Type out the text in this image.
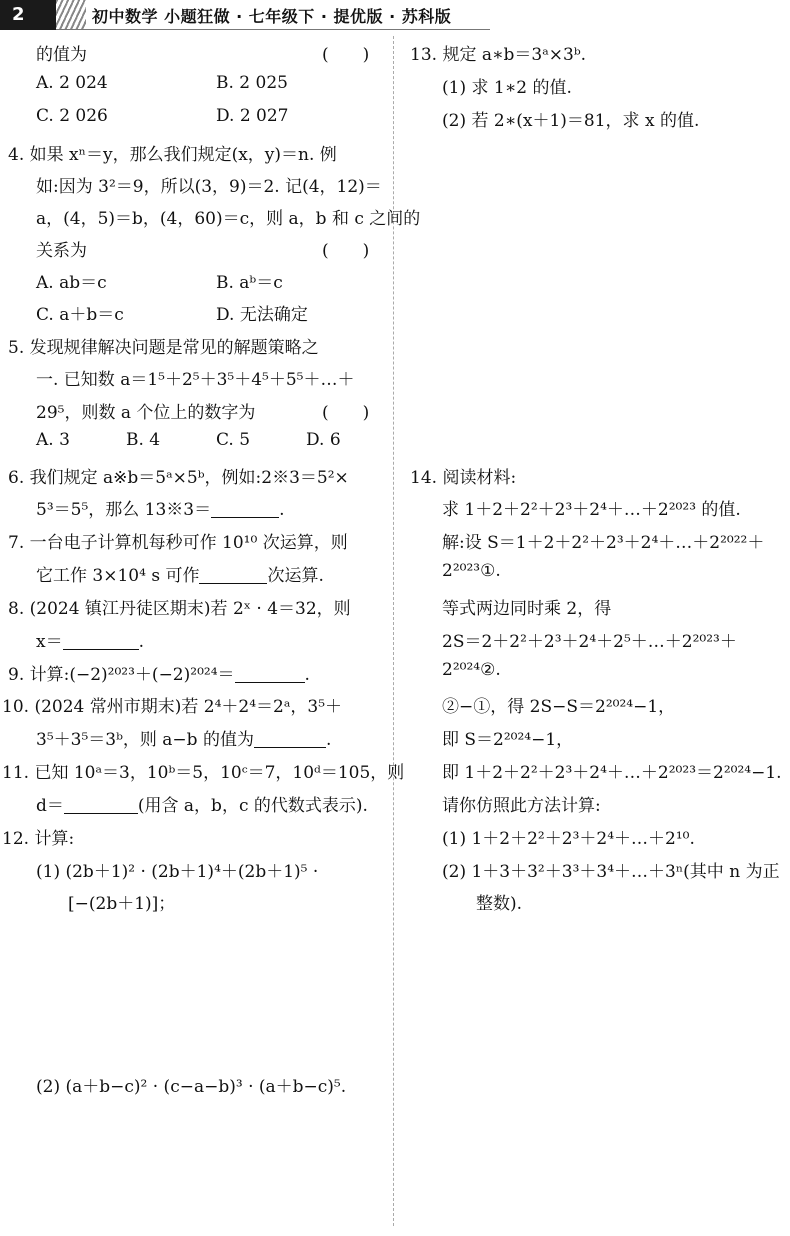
2	初中数学 小题狂做 · 七年级下 · 提优版 · 苏科版
的值为	(　　)
A. 2 024	B. 2 025
C. 2 026	D. 2 027
4. 如果 xⁿ＝y，那么我们规定(x，y)＝n. 例
如:因为 3²＝9，所以(3，9)＝2. 记(4，12)＝
a，(4，5)＝b，(4，60)＝c，则 a，b 和 c 之间的
关系为	(　　)
A. ab＝c	B. aᵇ＝c
C. a＋b＝c	D. 无法确定
5. 发现规律解决问题是常见的解题策略之
一. 已知数 a＝1⁵＋2⁵＋3⁵＋4⁵＋5⁵＋…＋
29⁵，则数 a 个位上的数字为	(　　)
A. 3	B. 4	C. 5	D. 6
6. 我们规定 a※b＝5ᵃ×5ᵇ，例如:2※3＝5²×
5³＝5⁵，那么 13※3＝	.
7. 一台电子计算机每秒可作 10¹⁰ 次运算，则
它工作 3×10⁴ s 可作	次运算.
8. (2024 镇江丹徒区期末)若 2ˣ · 4＝32，则
x＝	.
9. 计算:(−2)²⁰²³＋(−2)²⁰²⁴＝	.
10. (2024 常州市期末)若 2⁴＋2⁴＝2ᵃ，3⁵＋
3⁵＋3⁵＝3ᵇ，则 a−b 的值为	.
11. 已知 10ᵃ＝3，10ᵇ＝5，10ᶜ＝7，10ᵈ＝105，则
d＝	(用含 a，b，c 的代数式表示).
12. 计算:
(1) (2b＋1)² · (2b＋1)⁴＋(2b＋1)⁵ ·
[−(2b＋1)]；
(2) (a＋b−c)² · (c−a−b)³ · (a＋b−c)⁵.
13. 规定 a∗b＝3ᵃ×3ᵇ.
(1) 求 1∗2 的值.
(2) 若 2∗(x＋1)＝81，求 x 的值.
14. 阅读材料:
求 1＋2＋2²＋2³＋2⁴＋…＋2²⁰²³ 的值.
解:设 S＝1＋2＋2²＋2³＋2⁴＋…＋2²⁰²²＋
2²⁰²³①.
等式两边同时乘 2，得
2S＝2＋2²＋2³＋2⁴＋2⁵＋…＋2²⁰²³＋
2²⁰²⁴②.
②−①，得 2S−S＝2²⁰²⁴−1，
即 S＝2²⁰²⁴−1，
即 1＋2＋2²＋2³＋2⁴＋…＋2²⁰²³＝2²⁰²⁴−1.
请你仿照此方法计算:
(1) 1＋2＋2²＋2³＋2⁴＋…＋2¹⁰.
(2) 1＋3＋3²＋3³＋3⁴＋…＋3ⁿ(其中 n 为正
整数).
